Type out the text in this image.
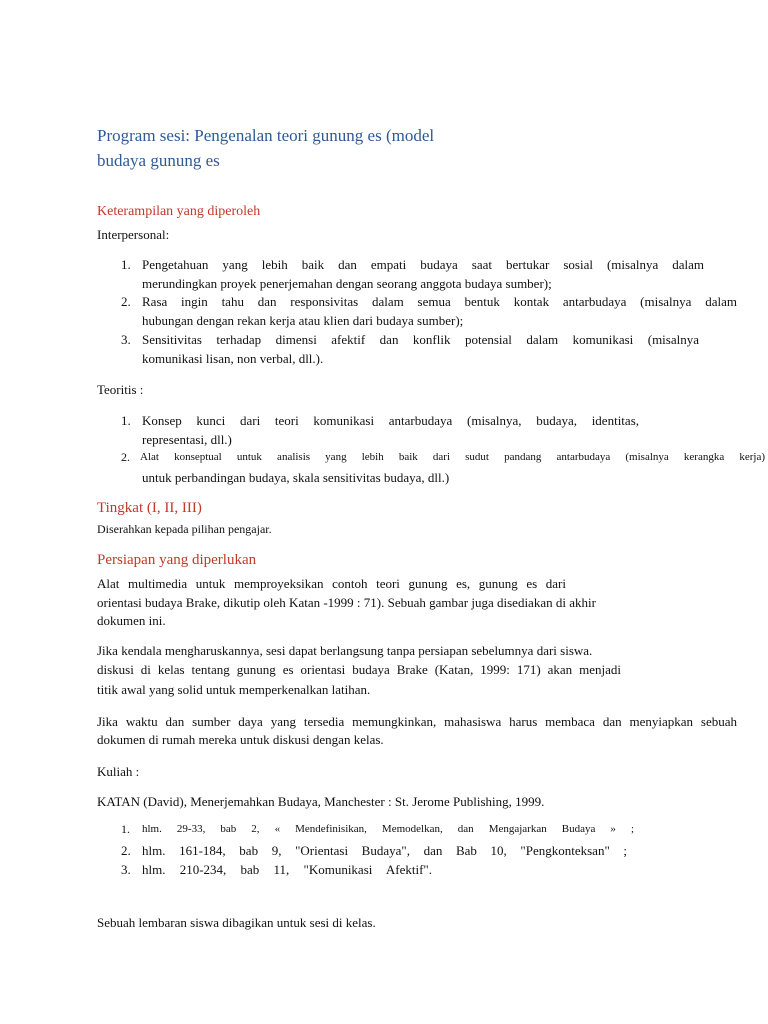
Program sesi: Pengenalan teori gunung es (model
budaya gunung es
Keterampilan yang diperoleh
Interpersonal:
1. Pengetahuan yang lebih baik dan empati budaya saat bertukar sosial (misalnya dalam
merundingkan proyek penerjemahan dengan seorang anggota budaya sumber);
2. Rasa ingin tahu dan responsivitas dalam semua bentuk kontak antarbudaya (misalnya dalam
hubungan dengan rekan kerja atau klien dari budaya sumber);
3. Sensitivitas terhadap dimensi afektif dan konflik potensial dalam komunikasi (misalnya
komunikasi lisan, non verbal, dll.).
Teoritis :
1. Konsep kunci dari teori komunikasi antarbudaya (misalnya, budaya, identitas,
representasi, dll.)
2. Alat konseptual untuk analisis yang lebih baik dari sudut pandang antarbudaya (misalnya kerangka kerja)
untuk perbandingan budaya, skala sensitivitas budaya, dll.)
Tingkat (I, II, III)
Diserahkan kepada pilihan pengajar.
Persiapan yang diperlukan
Alat multimedia untuk memproyeksikan contoh teori gunung es, gunung es dari
orientasi budaya Brake, dikutip oleh Katan -1999 : 71). Sebuah gambar juga disediakan di akhir
dokumen ini.
Jika kendala mengharuskannya, sesi dapat berlangsung tanpa persiapan sebelumnya dari siswa.
diskusi di kelas tentang gunung es orientasi budaya Brake (Katan, 1999: 171) akan menjadi
titik awal yang solid untuk memperkenalkan latihan.
Jika waktu dan sumber daya yang tersedia memungkinkan, mahasiswa harus membaca dan menyiapkan sebuah
dokumen di rumah mereka untuk diskusi dengan kelas.
Kuliah :
KATAN (David), Menerjemahkan Budaya, Manchester : St. Jerome Publishing, 1999.
1. hlm. 29-33, bab 2, « Mendefinisikan, Memodelkan, dan Mengajarkan Budaya » ;
2. hlm. 161-184, bab 9, "Orientasi Budaya", dan Bab 10, "Pengkonteksan" ;
3. hlm. 210-234, bab 11, "Komunikasi Afektif".
Sebuah lembaran siswa dibagikan untuk sesi di kelas.
